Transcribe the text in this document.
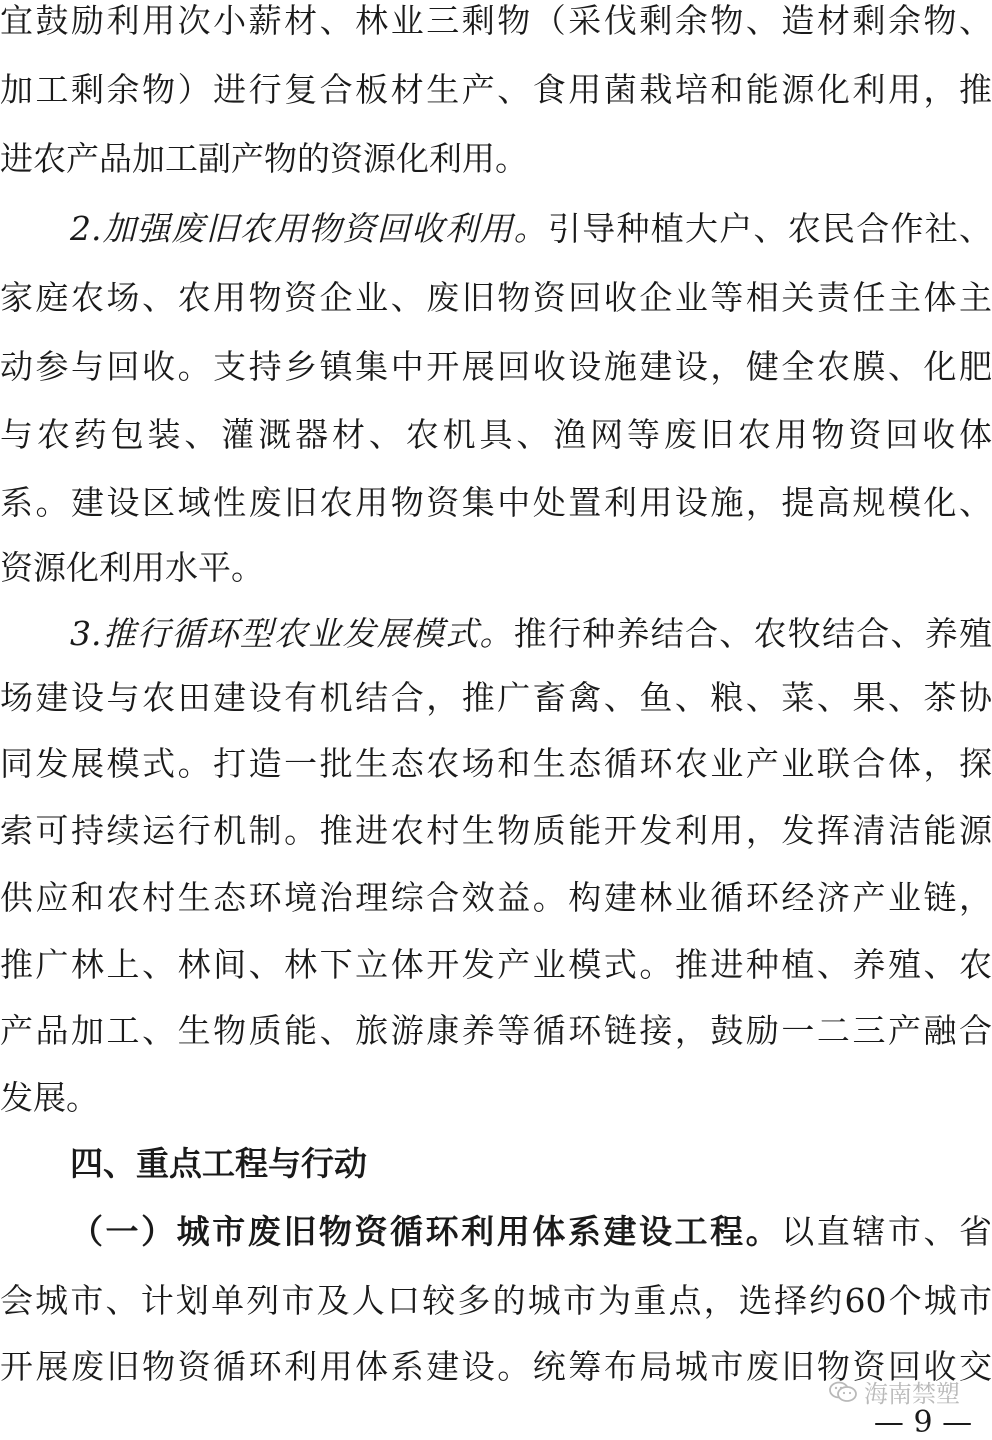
宜鼓励利用次小薪材、林业三剩物（采伐剩余物、造材剩余物、
加工剩余物）进行复合板材生产、食用菌栽培和能源化利用，推
进农产品加工副产物的资源化利用。
2.加强废旧农用物资回收利用。引导种植大户、农民合作社、
家庭农场、农用物资企业、废旧物资回收企业等相关责任主体主
动参与回收。支持乡镇集中开展回收设施建设，健全农膜、化肥
与农药包装、灌溉器材、农机具、渔网等废旧农用物资回收体
系。建设区域性废旧农用物资集中处置利用设施，提高规模化、
资源化利用水平。
3.推行循环型农业发展模式。推行种养结合、农牧结合、养殖
场建设与农田建设有机结合，推广畜禽、鱼、粮、菜、果、茶协
同发展模式。打造一批生态农场和生态循环农业产业联合体，探
索可持续运行机制。推进农村生物质能开发利用，发挥清洁能源
供应和农村生态环境治理综合效益。构建林业循环经济产业链，
推广林上、林间、林下立体开发产业模式。推进种植、养殖、农
产品加工、生物质能、旅游康养等循环链接，鼓励一二三产融合
发展。
四、重点工程与行动
（一）城市废旧物资循环利用体系建设工程。以直辖市、省
会城市、计划单列市及人口较多的城市为重点，选择约60个城市
开展废旧物资循环利用体系建设。统筹布局城市废旧物资回收交
海南禁塑
— 9 —
